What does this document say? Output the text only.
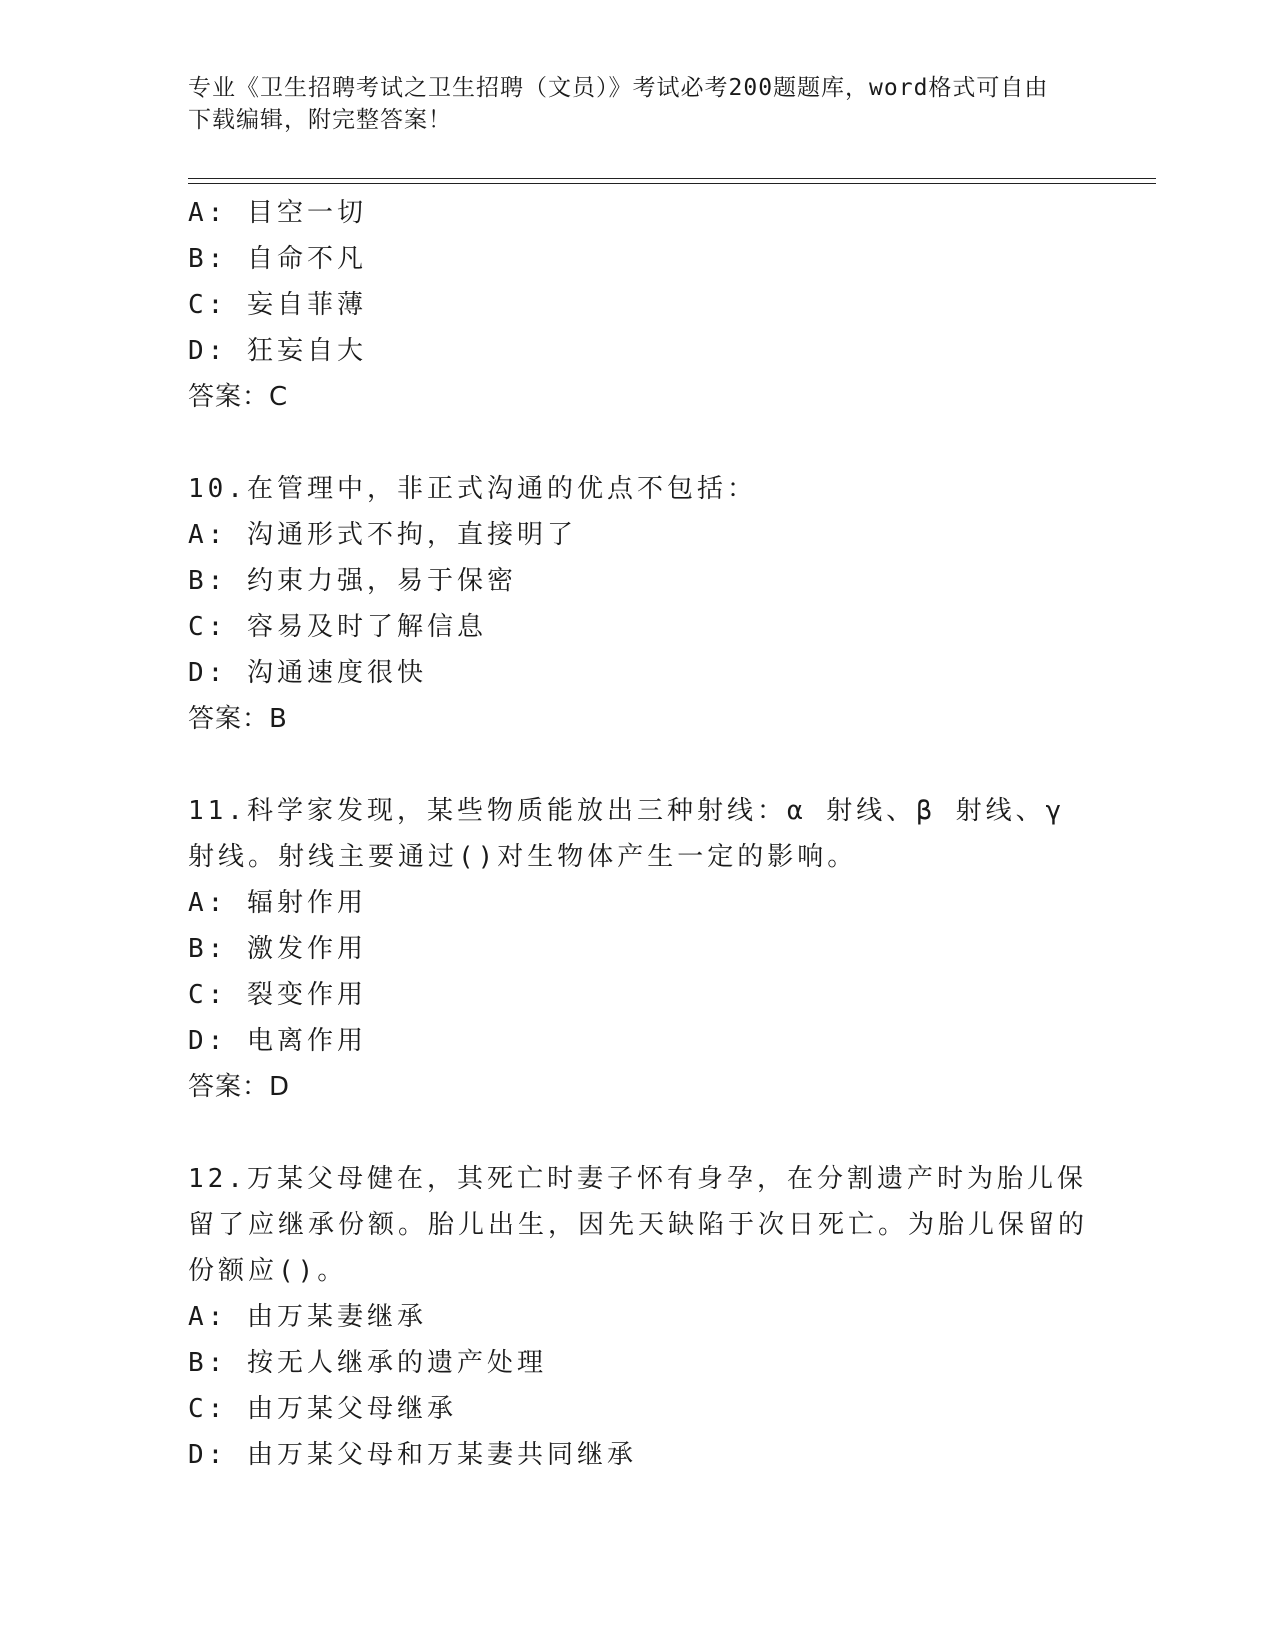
专业《卫生招聘考试之卫生招聘（文员）》考试必考200题题库，word格式可自由下载编辑，附完整答案！
A: 目空一切
B: 自命不凡
C: 妄自菲薄
D: 狂妄自大
答案：C
10.在管理中，非正式沟通的优点不包括：
A: 沟通形式不拘，直接明了
B: 约束力强，易于保密
C: 容易及时了解信息
D: 沟通速度很快
答案：B
11.科学家发现，某些物质能放出三种射线：α 射线、β 射线、γ 射线。射线主要通过()对生物体产生一定的影响。
A: 辐射作用
B: 激发作用
C: 裂变作用
D: 电离作用
答案：D
12.万某父母健在，其死亡时妻子怀有身孕，在分割遗产时为胎儿保留了应继承份额。胎儿出生，因先天缺陷于次日死亡。为胎儿保留的份额应()。
A: 由万某妻继承
B: 按无人继承的遗产处理
C: 由万某父母继承
D: 由万某父母和万某妻共同继承
